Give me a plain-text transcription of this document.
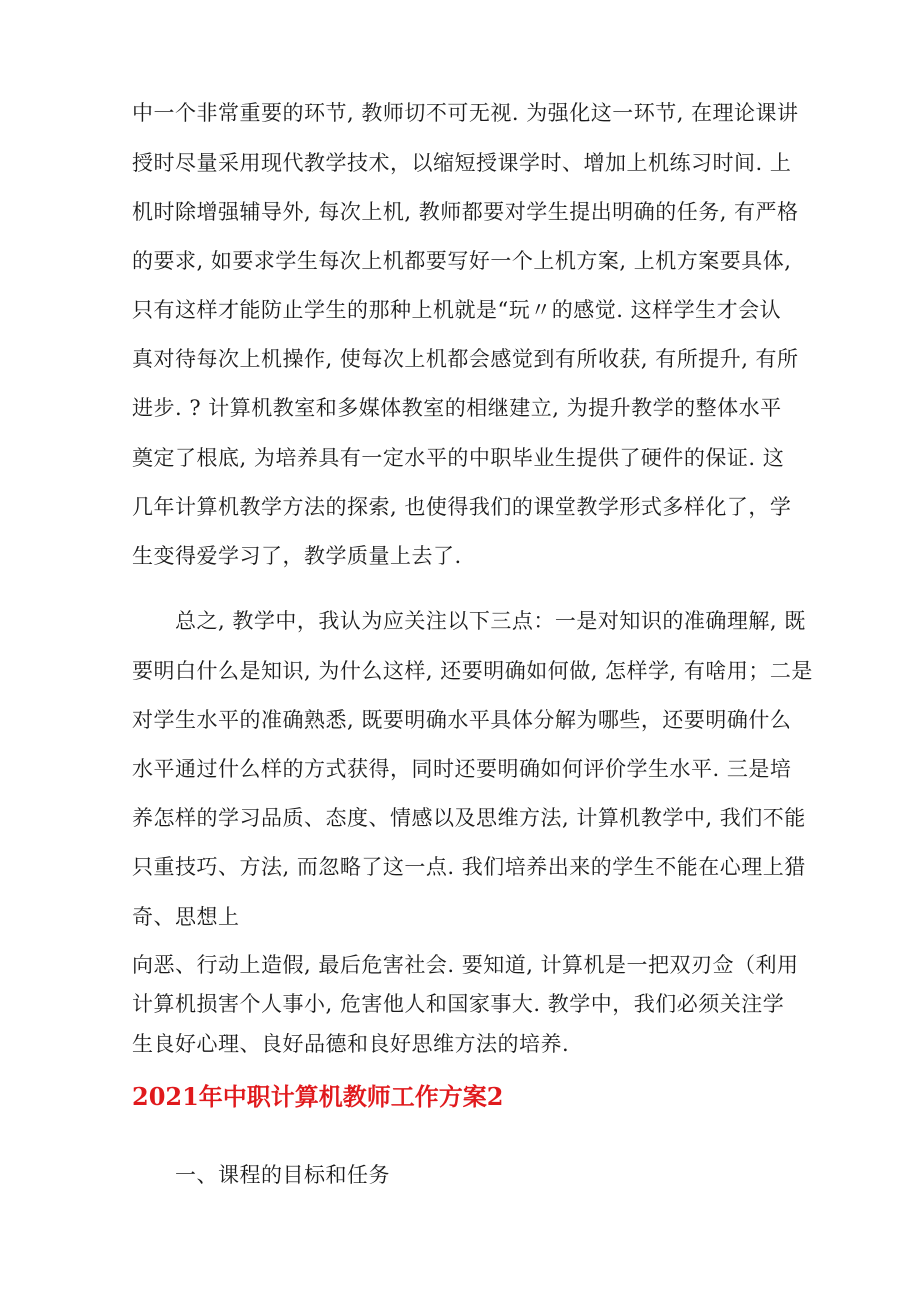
中一个非常重要的环节, 教师切不可无视. 为强化这一环节, 在理论课讲
授时尽量采用现代教学技术，以缩短授课学时、增加上机练习时间. 上
机时除增强辅导外, 每次上机, 教师都要对学生提出明确的任务, 有严格
的要求, 如要求学生每次上机都要写好一个上机方案, 上机方案要具体,
只有这样才能防止学生的那种上机就是“玩〃的感觉. 这样学生才会认
真对待每次上机操作, 使每次上机都会感觉到有所收获, 有所提升, 有所
进步. ? 计算机教室和多媒体教室的相继建立, 为提升教学的整体水平
奠定了根底, 为培养具有一定水平的中职毕业生提供了硬件的保证. 这
几年计算机教学方法的探索, 也使得我们的课堂教学形式多样化了，学
生变得爱学习了，教学质量上去了.
　　总之, 教学中，我认为应关注以下三点：一是对知识的准确理解, 既
要明白什么是知识, 为什么这样, 还要明确如何做, 怎样学, 有啥用；二是
对学生水平的准确熟悉, 既要明确水平具体分解为哪些，还要明确什么
水平通过什么样的方式获得，同时还要明确如何评价学生水平. 三是培
养怎样的学习品质、态度、情感以及思维方法, 计算机教学中, 我们不能
只重技巧、方法, 而忽略了这一点. 我们培养出来的学生不能在心理上猎
奇、思想上
向恶、行动上造假, 最后危害社会. 要知道, 计算机是一把双刃佥（利用
计算机损害个人事小, 危害他人和国家事大. 教学中，我们必须关注学
生良好心理、良好品德和良好思维方法的培养.
2021年中职计算机教师工作方案2
　　一、课程的目标和任务
